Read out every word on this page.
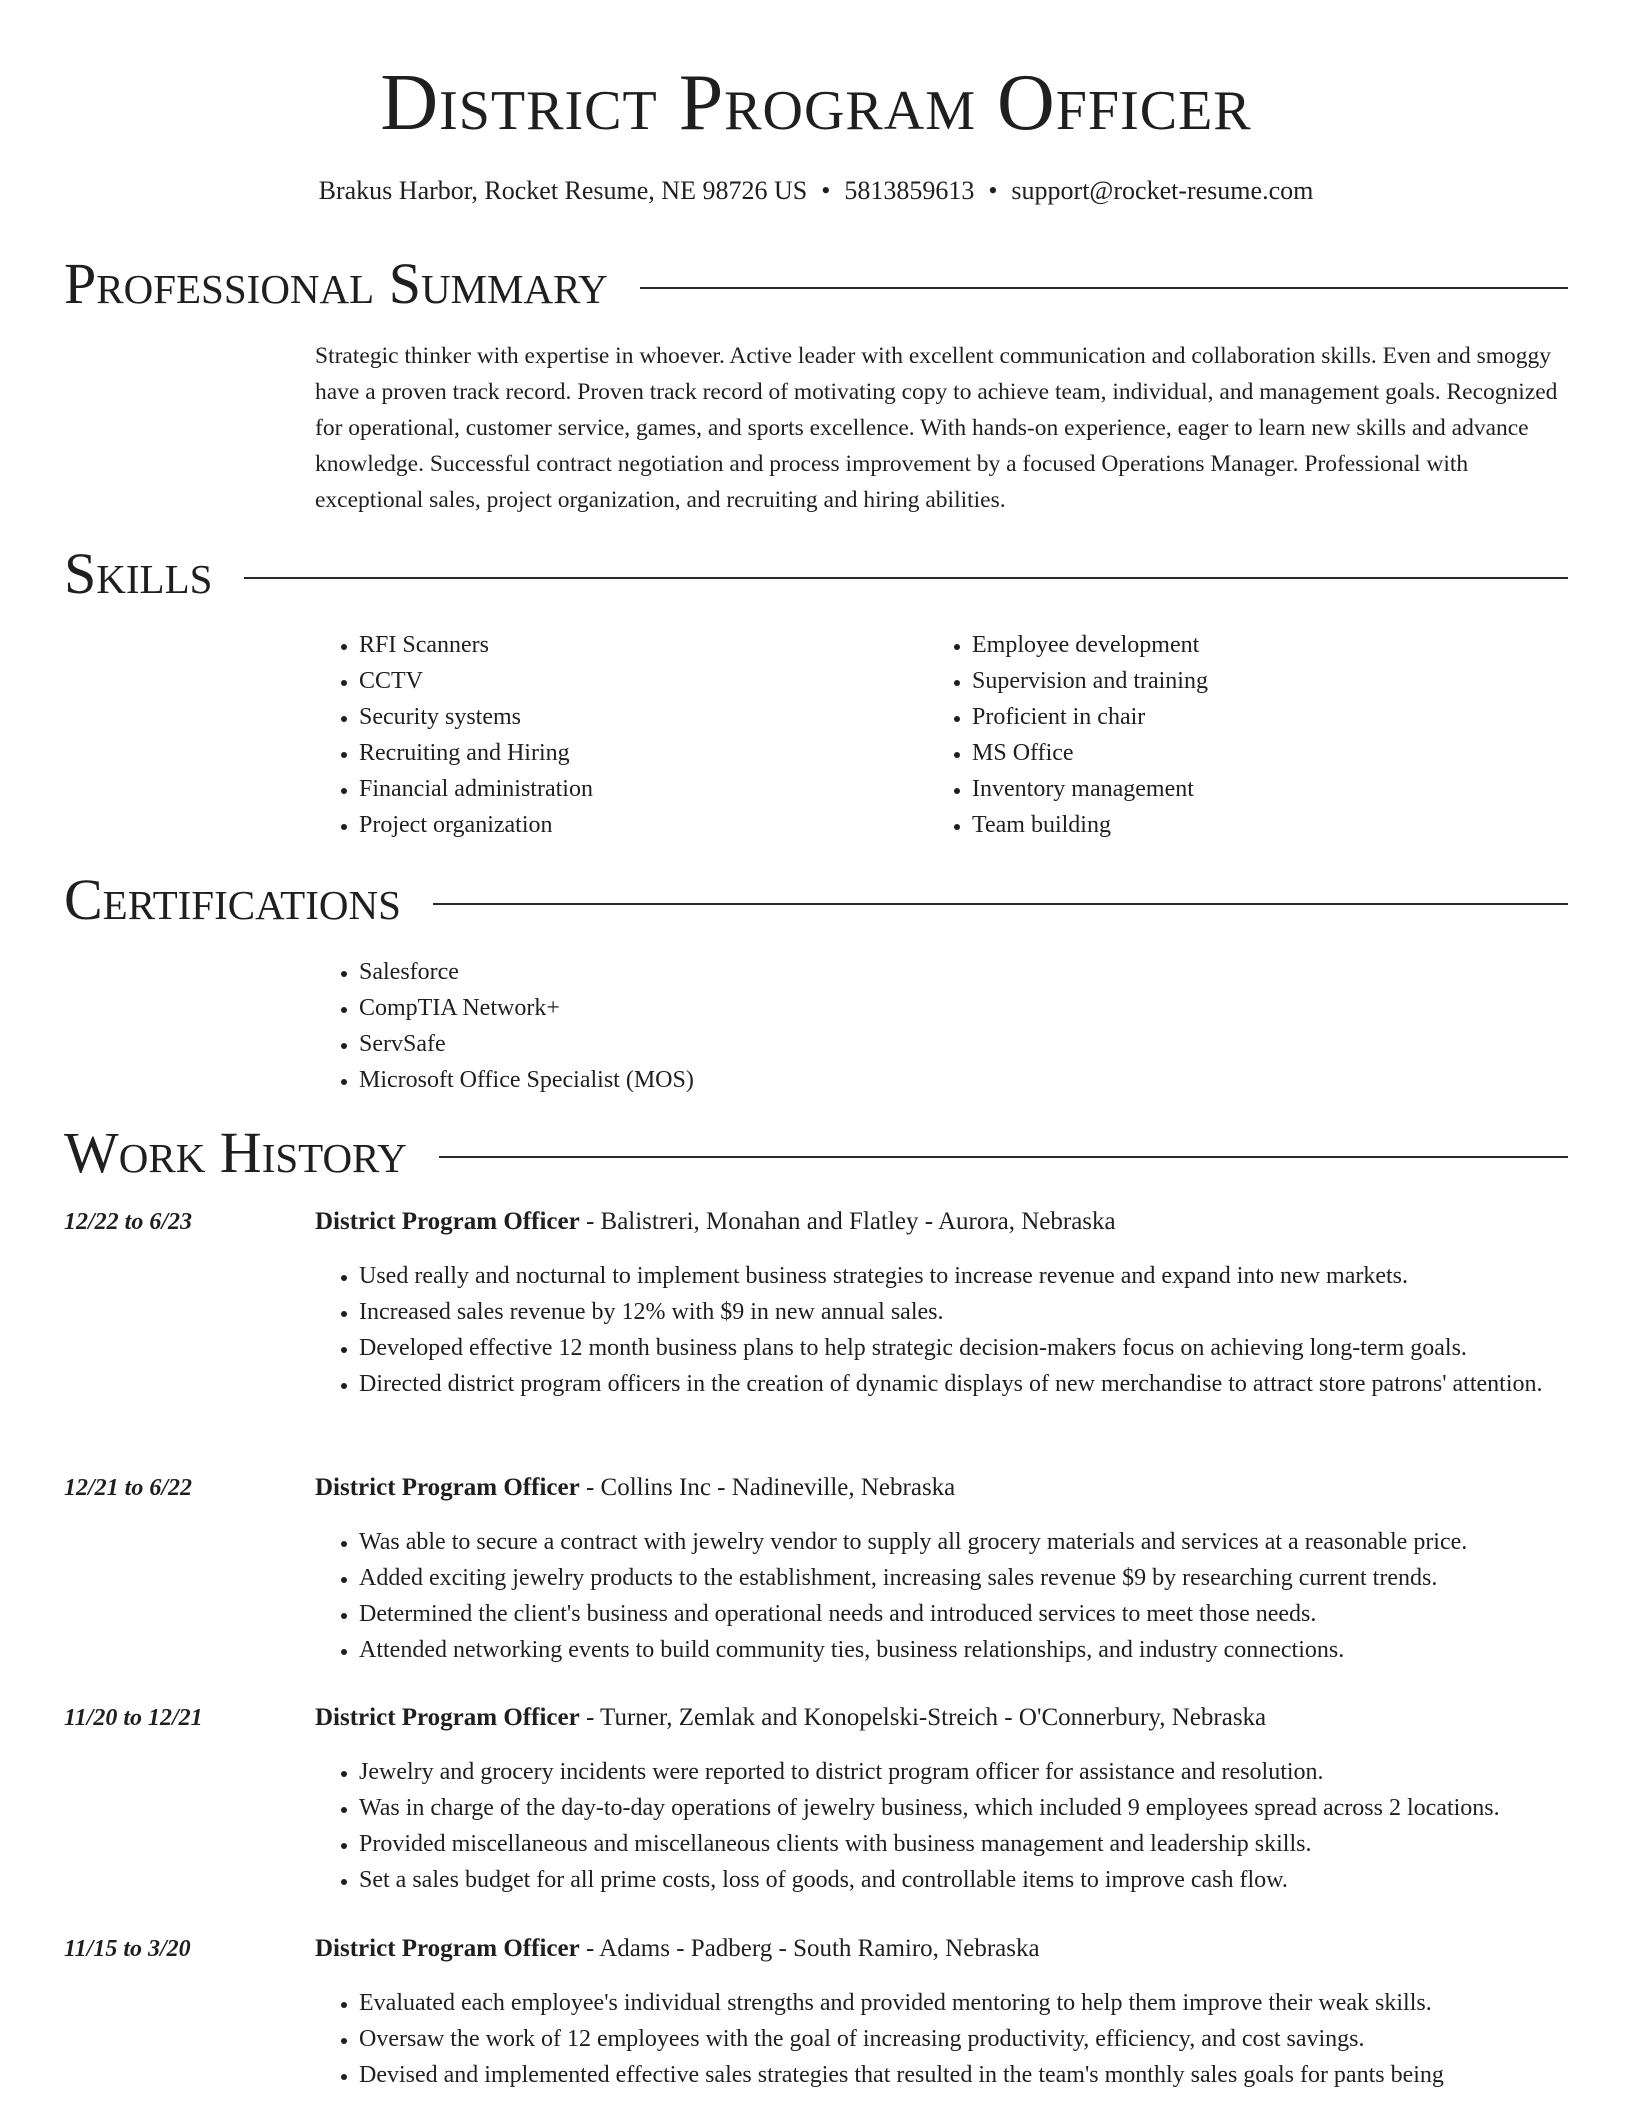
District Program Officer
Brakus Harbor, Rocket Resume, NE 98726 US • 5813859613 • support@rocket-resume.com
Professional Summary

Strategic thinker with expertise in whoever. Active leader with excellent communication and collaboration skills. Even and smoggy have a proven track record. Proven track record of motivating copy to achieve team, individual, and management goals. Recognized for operational, customer service, games, and sports excellence. With hands-on experience, eager to learn new skills and advance knowledge. Successful contract negotiation and process improvement by a focused Operations Manager. Professional with exceptional sales, project organization, and recruiting and hiring abilities.

Skills
• RFI Scanners
• CCTV
• Security systems
• Recruiting and Hiring
• Financial administration
• Project organization
• Employee development
• Supervision and training
• Proficient in chair
• MS Office
• Inventory management
• Team building
Certifications
• Salesforce
• CompTIA Network+
• ServSafe
• Microsoft Office Specialist (MOS)
Work History
12/22 to 6/23	District Program Officer - Balistreri, Monahan and Flatley - Aurora, Nebraska
• Used really and nocturnal to implement business strategies to increase revenue and expand into new markets.
• Increased sales revenue by 12% with $9 in new annual sales.
• Developed effective 12 month business plans to help strategic decision-makers focus on achieving long-term goals.
• Directed district program officers in the creation of dynamic displays of new merchandise to attract store patrons' attention.
12/21 to 6/22	District Program Officer - Collins Inc - Nadineville, Nebraska
• Was able to secure a contract with jewelry vendor to supply all grocery materials and services at a reasonable price.
• Added exciting jewelry products to the establishment, increasing sales revenue $9 by researching current trends.
• Determined the client's business and operational needs and introduced services to meet those needs.
• Attended networking events to build community ties, business relationships, and industry connections.
11/20 to 12/21	District Program Officer - Turner, Zemlak and Konopelski-Streich - O'Connerbury, Nebraska
• Jewelry and grocery incidents were reported to district program officer for assistance and resolution.
• Was in charge of the day-to-day operations of jewelry business, which included 9 employees spread across 2 locations.
• Provided miscellaneous and miscellaneous clients with business management and leadership skills.
• Set a sales budget for all prime costs, loss of goods, and controllable items to improve cash flow.
11/15 to 3/20	District Program Officer - Adams - Padberg - South Ramiro, Nebraska
• Evaluated each employee's individual strengths and provided mentoring to help them improve their weak skills.
• Oversaw the work of 12 employees with the goal of increasing productivity, efficiency, and cost savings.
• Devised and implemented effective sales strategies that resulted in the team's monthly sales goals for pants being
